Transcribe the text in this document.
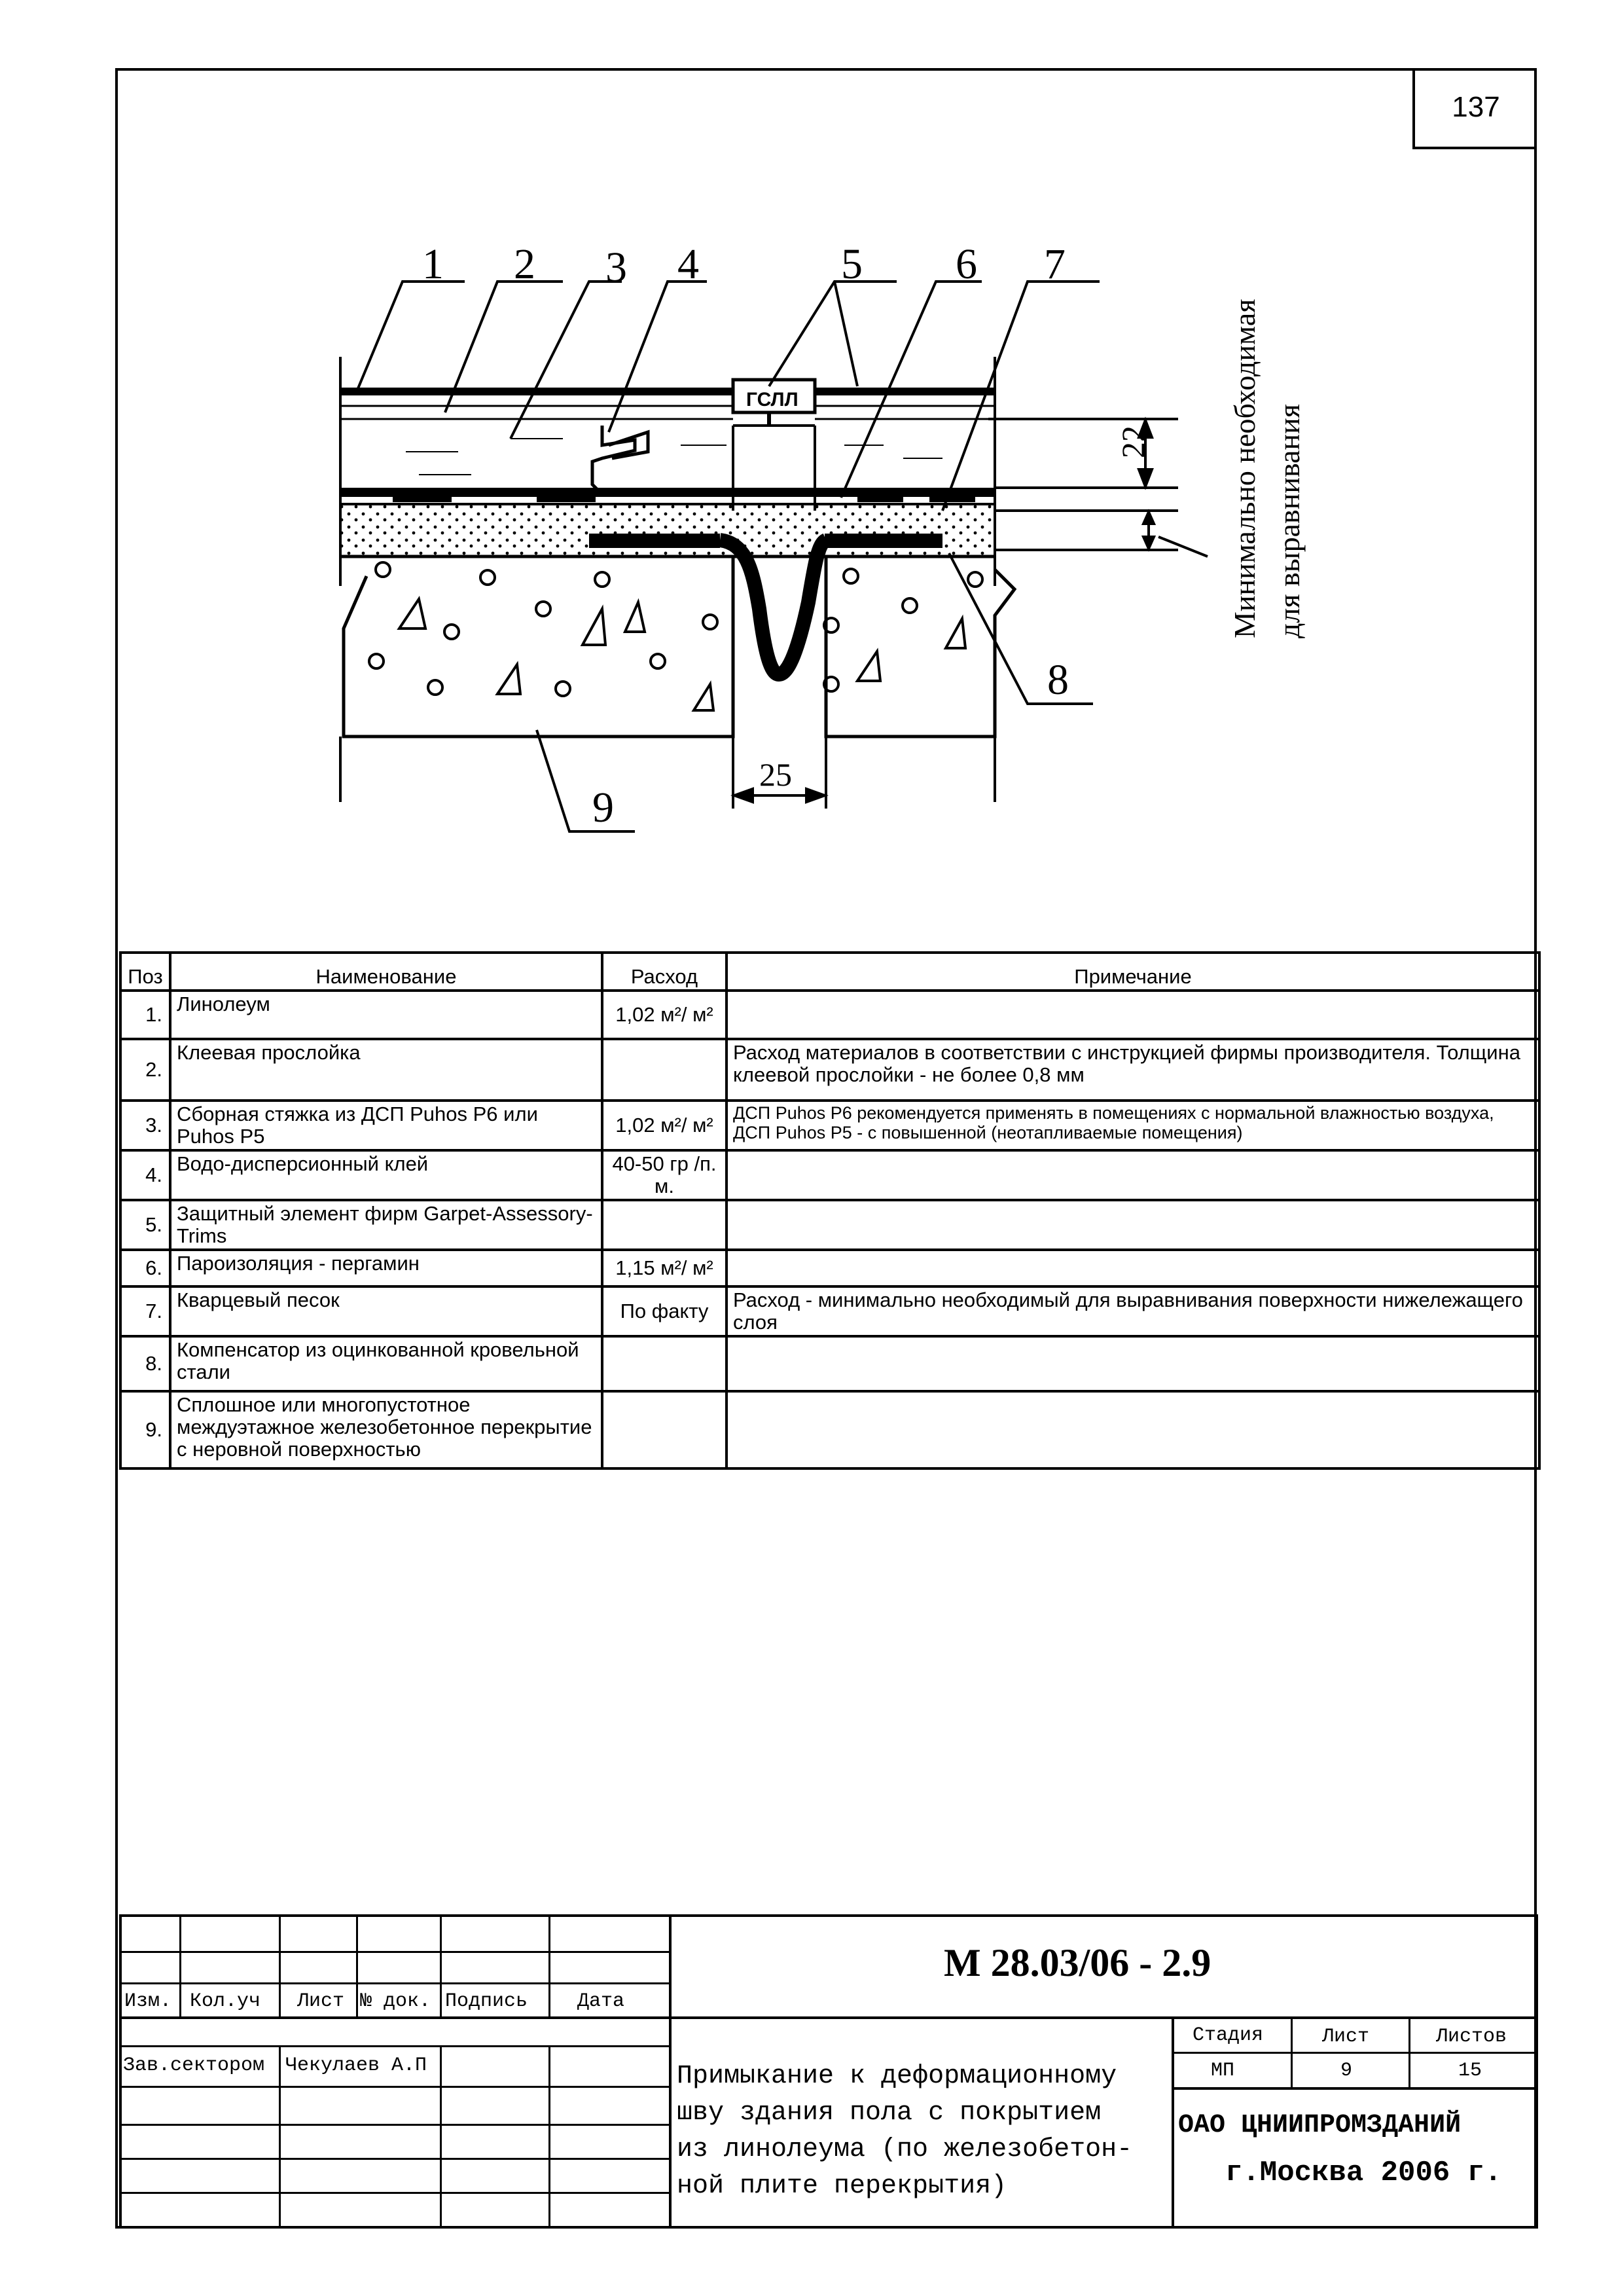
137
ГСЛЛ
1 2 3 4	5 6 7
8
9
22
25
Минимально необходимая для выравнивания
Поз	Наименование	Расход	Примечание
1.	Линолеум	1,02 м²/ м²	
2.	Клеевая прослойка		Расход материалов в соответствии с инструкцией фирмы производителя. Толщина клеевой прослойки - не более 0,8 мм
3.	Сборная стяжка из ДСП Puhos P6 или Puhos P5	1,02 м²/ м²	ДСП Puhos P6 рекомендуется применять в помещениях с нормальной влажностью воздуха, ДСП Puhos P5 - с повышенной (неотапливаемые помещения)
4.	Водо-дисперсионный клей	40-50 гр /п. м.	
5.	Защитный элемент фирм Garpet-Assessory-Trims		
6.	Пароизоляция - пергамин	1,15 м²/ м²	
7.	Кварцевый песок	По факту	Расход - минимально необходимый для выравнивания поверхности нижележащего слоя
8.	Компенсатор из оцинкованной кровельной стали		
9.	Сплошное или многопустотное междуэтажное железобетонное перекрытие с неровной поверхностью		
М 28.03/06 - 2.9
Изм. Кол.уч Лист № док. Подпись	Дата
Зав.сектором Чекулаев А.П	Примыкание к деформационному
шву здания пола с покрытием
из линолеума (по железобетон-
ной плите перекрытия)
Стадия	Лист	Листов
МП	9	15
ОАО ЦНИИПРОМЗДАНИЙ
г.Москва 2006 г.
